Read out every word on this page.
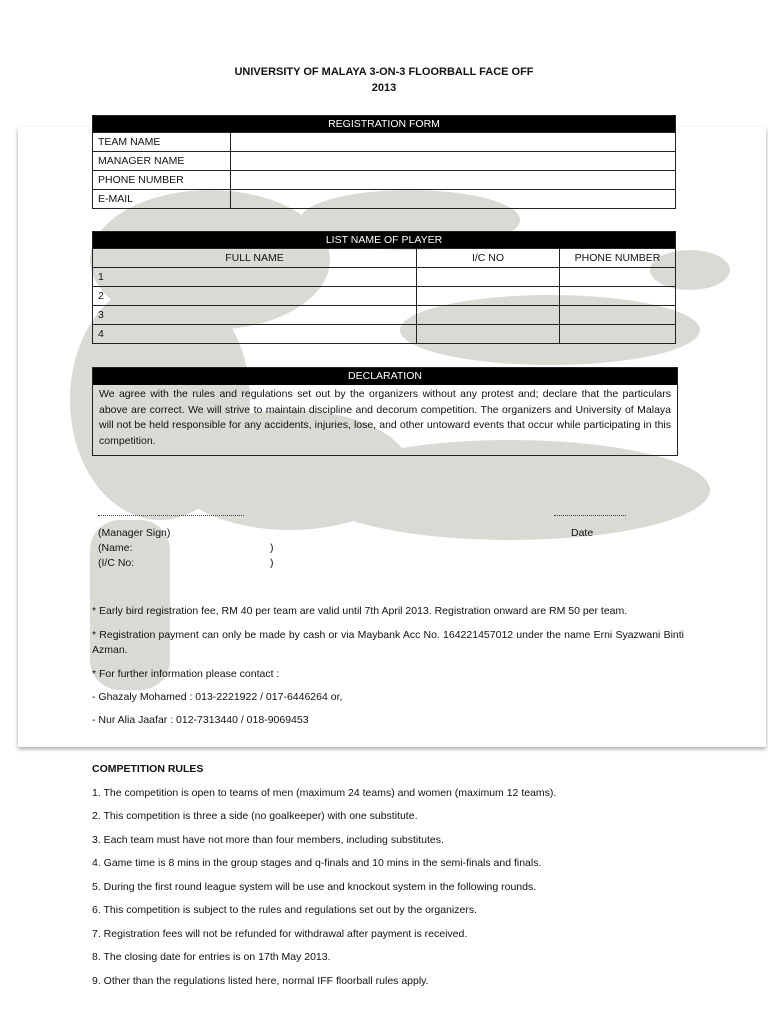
UNIVERSITY OF MALAYA 3-ON-3 FLOORBALL FACE OFF
2013
REGISTRATION FORM	
TEAM NAME	
MANAGER NAME	
PHONE NUMBER	
E-MAIL	
LIST NAME OF PLAYER		
FULL NAME	I/C NO	PHONE NUMBER
1		
2		
3		
4		
DECLARATION
We agree with the rules and regulations set out by the organizers without any protest and; declare that the particulars above are correct. We will strive to maintain discipline and decorum competition. The organizers and University of Malaya will not be held responsible for any accidents, injuries, lose, and other untoward events that occur while participating in this competition.
(Manager Sign)
(Name:	)
(I/C No:	)
Date
* Early bird registration fee, RM 40 per team are valid until 7th April 2013. Registration onward are RM 50 per team.
* Registration payment can only be made by cash or via Maybank Acc No. 164221457012 under the name Erni Syazwani Binti Azman.
* For further information please contact :
- Ghazaly Mohamed : 013-2221922 / 017-6446264 or,
- Nur Alia Jaafar : 012-7313440 / 018-9069453
COMPETITION RULES
1. The competition is open to teams of men (maximum 24 teams) and women (maximum 12 teams).
2. This competition is three a side (no goalkeeper) with one substitute.
3. Each team must have not more than four members, including substitutes.
4. Game time is 8 mins in the group stages and q-finals and 10 mins in the semi-finals and finals.
5. During the first round league system will be use and knockout system in the following rounds.
6. This competition is subject to the rules and regulations set out by the organizers.
7. Registration fees will not be refunded for withdrawal after payment is received.
8. The closing date for entries is on 17th May 2013.
9. Other than the regulations listed here, normal IFF floorball rules apply.
